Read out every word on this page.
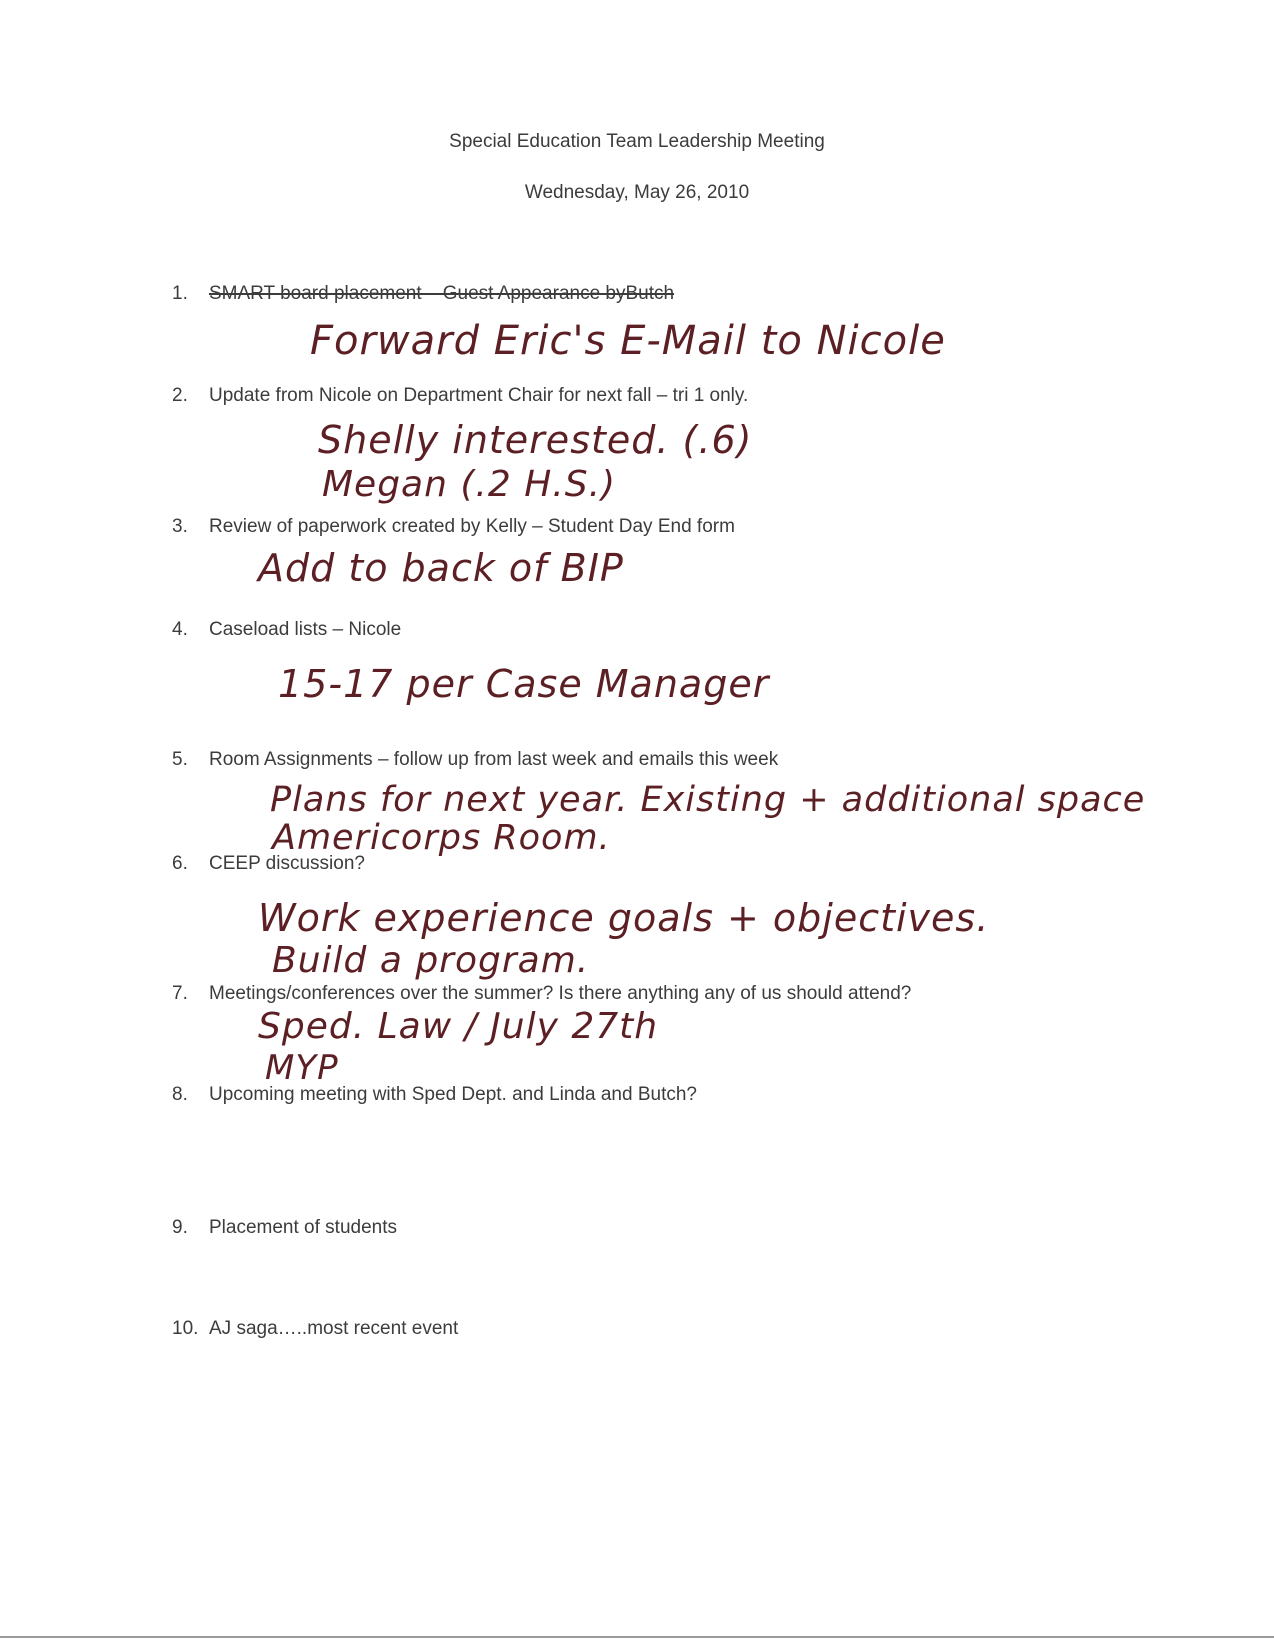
Special Education Team Leadership Meeting
Wednesday, May 26, 2010
1. SMART board placement – Guest Appearance byButch
Forward Eric's E-Mail to Nicole
2. Update from Nicole on Department Chair for next fall – tri 1 only.
Shelly interested. (.6)
Megan (.2 H.S.)
3. Review of paperwork created by Kelly – Student Day End form
Add to back of BIP
4. Caseload lists – Nicole
15-17 per Case Manager
5. Room Assignments – follow up from last week and emails this week
Plans for next year. Existing + additional space
Americorps Room.
6. CEEP discussion?
Work experience goals + objectives.
Build a program.
7. Meetings/conferences over the summer? Is there anything any of us should attend?
Sped. Law / July 27th
MYP
8. Upcoming meeting with Sped Dept. and Linda and Butch?
9. Placement of students
10. AJ saga…..most recent event
